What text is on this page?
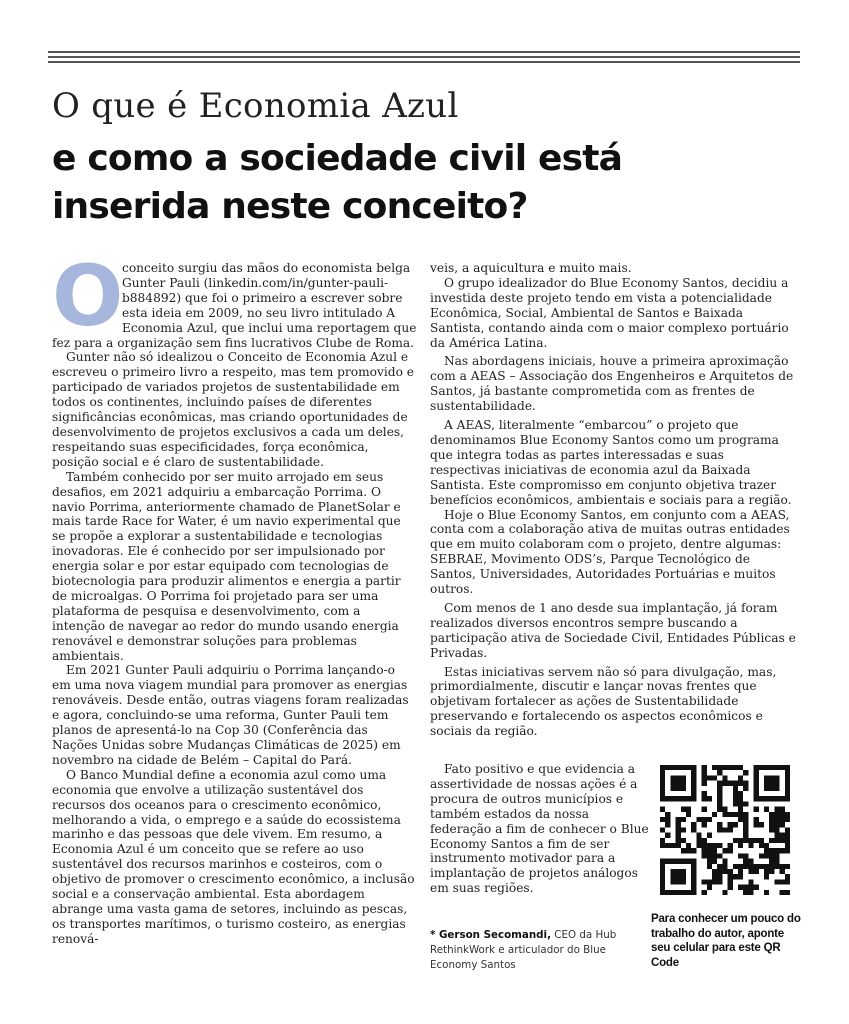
O que é Economia Azul
e como a sociedade civil está
inserida neste conceito?
O

conceito surgiu das mãos do economista belga Gunter Pauli (linkedin.com/in/gunter-pauli-b884892) que foi o primeiro a escrever sobre esta ideia em 2009, no seu livro intitulado A Economia Azul, que inclui uma reportagem que fez para a organização sem fins lucrativos Clube de Roma.

Gunter não só idealizou o Conceito de Economia Azul e escreveu o primeiro livro a respeito, mas tem promovido e participado de variados projetos de sustentabilidade em todos os continentes, incluindo países de diferentes significâncias econômicas, mas criando oportunidades de desenvolvimento de projetos exclusivos a cada um deles, respeitando suas especificidades, força econômica, posição social e é claro de sustentabilidade.

Também conhecido por ser muito arrojado em seus desafios, em 2021 adquiriu a embarcação Porrima. O navio Porrima, anteriormente chamado de PlanetSolar e mais tarde Race for Water, é um navio experimental que se propõe a explorar a sustentabilidade e tecnologias inovadoras. Ele é conhecido por ser impulsionado por energia solar e por estar equipado com tecnologias de biotecnologia para produzir alimentos e energia a partir de microalgas. O Porrima foi projetado para ser uma plataforma de pesquisa e desenvolvimento, com a intenção de navegar ao redor do mundo usando energia renovável e demonstrar soluções para problemas ambientais.

Em 2021 Gunter Pauli adquiriu o Porrima lançando-o em uma nova viagem mundial para promover as energias renováveis. Desde então, outras viagens foram realizadas e agora, concluindo-se uma reforma, Gunter Pauli tem planos de apresentá-lo na Cop 30 (Conferência das Nações Unidas sobre Mudanças Climáticas de 2025) em novembro na cidade de Belém – Capital do Pará.

O Banco Mundial define a economia azul como uma economia que envolve a utilização sustentável dos recursos dos oceanos para o crescimento econômico, melhorando a vida, o emprego e a saúde do ecossistema marinho e das pessoas que dele vivem. Em resumo, a Economia Azul é um conceito que se refere ao uso sustentável dos recursos marinhos e costeiros, com o objetivo de promover o crescimento econômico, a inclusão social e a conservação ambiental. Esta abordagem abrange uma vasta gama de setores, incluindo as pescas, os transportes marítimos, o turismo costeiro, as energias renová-

veis, a aquicultura e muito mais.

O grupo idealizador do Blue Economy Santos, decidiu a investida deste projeto tendo em vista a potencialidade Econômica, Social, Ambiental de Santos e Baixada Santista, contando ainda com o maior complexo portuário da América Latina.

Nas abordagens iniciais, houve a primeira aproximação com a AEAS – Associação dos Engenheiros e Arquitetos de Santos, já bastante comprometida com as frentes de sustentabilidade.

A AEAS, literalmente “embarcou” o projeto que denominamos Blue Economy Santos como um programa que integra todas as partes interessadas e suas respectivas iniciativas de economia azul da Baixada Santista. Este compromisso em conjunto objetiva trazer benefícios econômicos, ambientais e sociais para a região.

Hoje o Blue Economy Santos, em conjunto com a AEAS, conta com a colaboração ativa de muitas outras entidades que em muito colaboram com o projeto, dentre algumas: SEBRAE, Movimento ODS’s, Parque Tecnológico de Santos, Universidades, Autoridades Portuárias e muitos outros.

Com menos de 1 ano desde sua implantação, já foram realizados diversos encontros sempre buscando a participação ativa de Sociedade Civil, Entidades Públicas e Privadas.

Estas iniciativas servem não só para divulgação, mas, primordialmente, discutir e lançar novas frentes que objetivam fortalecer as ações de Sustentabilidade preservando e fortalecendo os aspectos econômicos e sociais da região.

Fato positivo e que evidencia a assertividade de nossas ações é a procura de outros municípios e também estados da nossa federação a fim de conhecer o Blue Economy Santos a fim de ser instrumento motivador para a implantação de projetos análogos em suas regiões.

Para conhecer um pouco do trabalho do autor, aponte seu celular para este QR Code
* Gerson Secomandi, CEO da Hub RethinkWork e articulador do Blue Economy Santos
